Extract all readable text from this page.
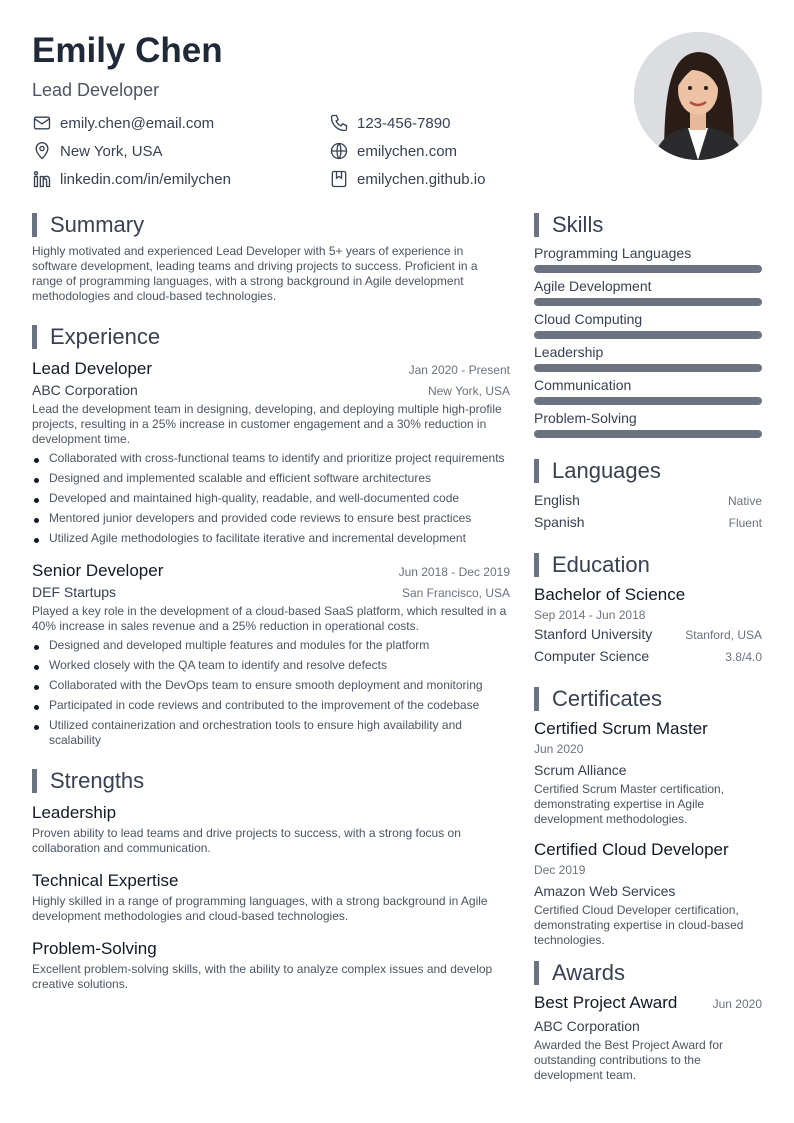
Emily Chen
Lead Developer
emily.chen@email.com	123-456-7890
New York, USA	emilychen.com
linkedin.com/in/emilychen	emilychen.github.io
Summary
Highly motivated and experienced Lead Developer with 5+ years of experience in software development, leading teams and driving projects to success. Proficient in a range of programming languages, with a strong background in Agile development methodologies and cloud-based technologies.
Experience
Lead Developer	Jan 2020 - Present
ABC Corporation	New York, USA
Lead the development team in designing, developing, and deploying multiple high-profile projects, resulting in a 25% increase in customer engagement and a 30% reduction in development time.
Collaborated with cross-functional teams to identify and prioritize project requirements
Designed and implemented scalable and efficient software architectures
Developed and maintained high-quality, readable, and well-documented code
Mentored junior developers and provided code reviews to ensure best practices
Utilized Agile methodologies to facilitate iterative and incremental development
Senior Developer	Jun 2018 - Dec 2019
DEF Startups	San Francisco, USA
Played a key role in the development of a cloud-based SaaS platform, which resulted in a 40% increase in sales revenue and a 25% reduction in operational costs.
Designed and developed multiple features and modules for the platform
Worked closely with the QA team to identify and resolve defects
Collaborated with the DevOps team to ensure smooth deployment and monitoring
Participated in code reviews and contributed to the improvement of the codebase
Utilized containerization and orchestration tools to ensure high availability and scalability
Strengths
Leadership
Proven ability to lead teams and drive projects to success, with a strong focus on collaboration and communication.
Technical Expertise
Highly skilled in a range of programming languages, with a strong background in Agile development methodologies and cloud-based technologies.
Problem-Solving
Excellent problem-solving skills, with the ability to analyze complex issues and develop creative solutions.
Skills
Programming Languages
Agile Development
Cloud Computing
Leadership
Communication
Problem-Solving
Languages
English	Native
Spanish	Fluent
Education
Bachelor of Science
Sep 2014 - Jun 2018
Stanford University	Stanford, USA
Computer Science	3.8/4.0
Certificates
Certified Scrum Master
Jun 2020
Scrum Alliance
Certified Scrum Master certification, demonstrating expertise in Agile development methodologies.
Certified Cloud Developer
Dec 2019
Amazon Web Services
Certified Cloud Developer certification, demonstrating expertise in cloud-based technologies.
Awards
Best Project Award	Jun 2020
ABC Corporation
Awarded the Best Project Award for outstanding contributions to the development team.
